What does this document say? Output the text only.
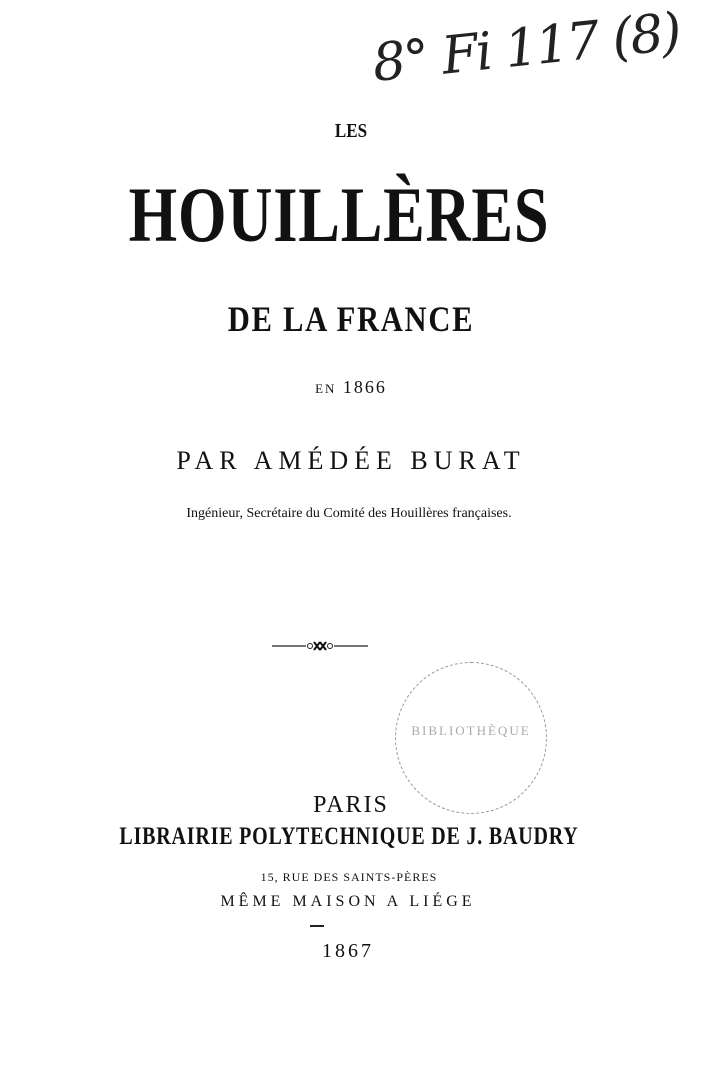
8° Fi 117 (8)
LES
HOUILLÈRES
DE LA FRANCE
EN 1866
PAR AMÉDÉE BURAT
Ingénieur, Secrétaire du Comité des Houillères françaises.
BIBLIOTHÈQUE
PARIS
LIBRAIRIE POLYTECHNIQUE DE J. BAUDRY
15, RUE DES SAINTS-PÈRES
MÊME MAISON A LIÉGE
1867
